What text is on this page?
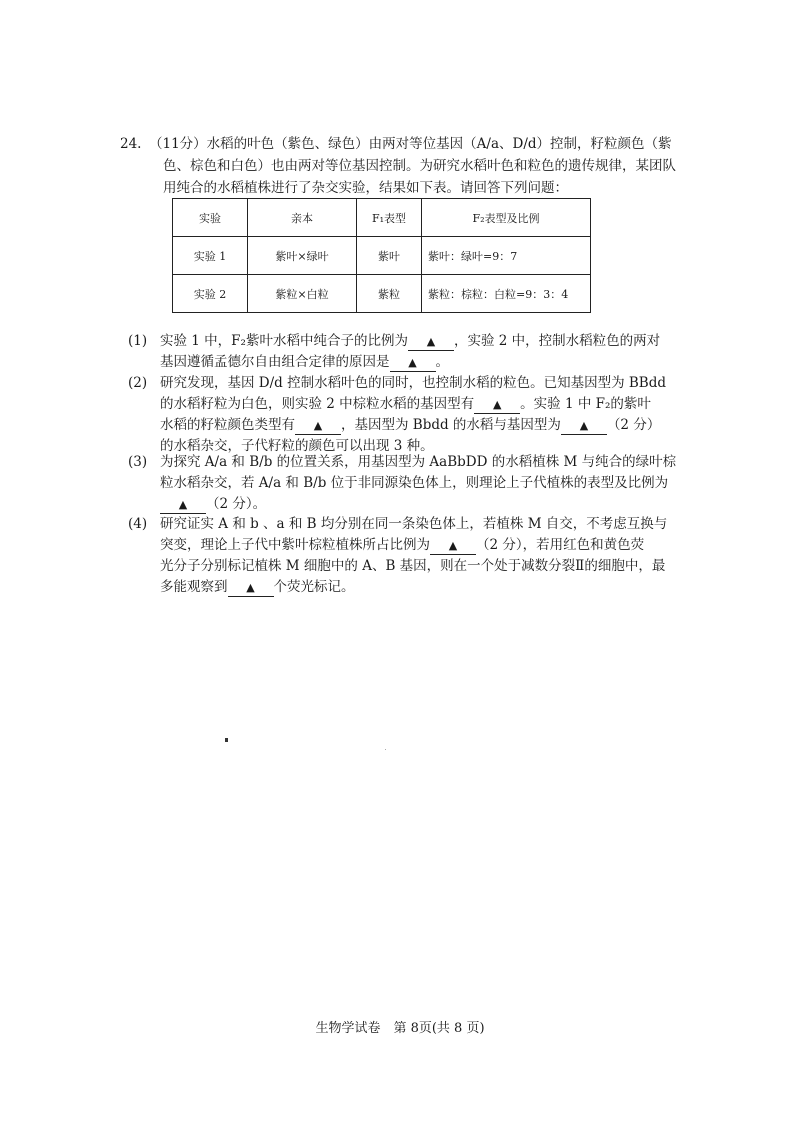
24. （11分）水稻的叶色（紫色、绿色）由两对等位基因（A/a、D/d）控制，籽粒颜色（紫
色、棕色和白色）也由两对等位基因控制。为研究水稻叶色和粒色的遗传规律，某团队
用纯合的水稻植株进行了杂交实验，结果如下表。请回答下列问题：
实验	亲本	F₁表型	F₂表型及比例
实验 1	紫叶×绿叶	紫叶	紫叶：绿叶=9：7
实验 2	紫粒×白粒	紫粒	紫粒：棕粒：白粒=9：3：4
(1) 实验 1 中，F₂紫叶水稻中纯合子的比例为 ▲ ，实验 2 中，控制水稻粒色的两对
基因遵循孟德尔自由组合定律的原因是 ▲ 。
(2) 研究发现，基因 D/d 控制水稻叶色的同时，也控制水稻的粒色。已知基因型为 BBdd
的水稻籽粒为白色，则实验 2 中棕粒水稻的基因型有 ▲ 。实验 1 中 F₂的紫叶
水稻的籽粒颜色类型有 ▲ ，基因型为 Bbdd 的水稻与基因型为 ▲ （2 分）
的水稻杂交，子代籽粒的颜色可以出现 3 种。
(3) 为探究 A/a 和 B/b 的位置关系，用基因型为 AaBbDD 的水稻植株 M 与纯合的绿叶棕
粒水稻杂交，若 A/a 和 B/b 位于非同源染色体上，则理论上子代植株的表型及比例为
▲ （2 分）。
(4) 研究证实 A 和 b 、a 和 B 均分别在同一条染色体上，若植株 M 自交，不考虑互换与
突变，理论上子代中紫叶棕粒植株所占比例为 ▲ （2 分），若用红色和黄色荧
光分子分别标记植株 M 细胞中的 A、B 基因，则在一个处于减数分裂Ⅱ的细胞中，最
多能观察到 ▲ 个荧光标记。
生物学试卷　第 8页(共 8 页)
